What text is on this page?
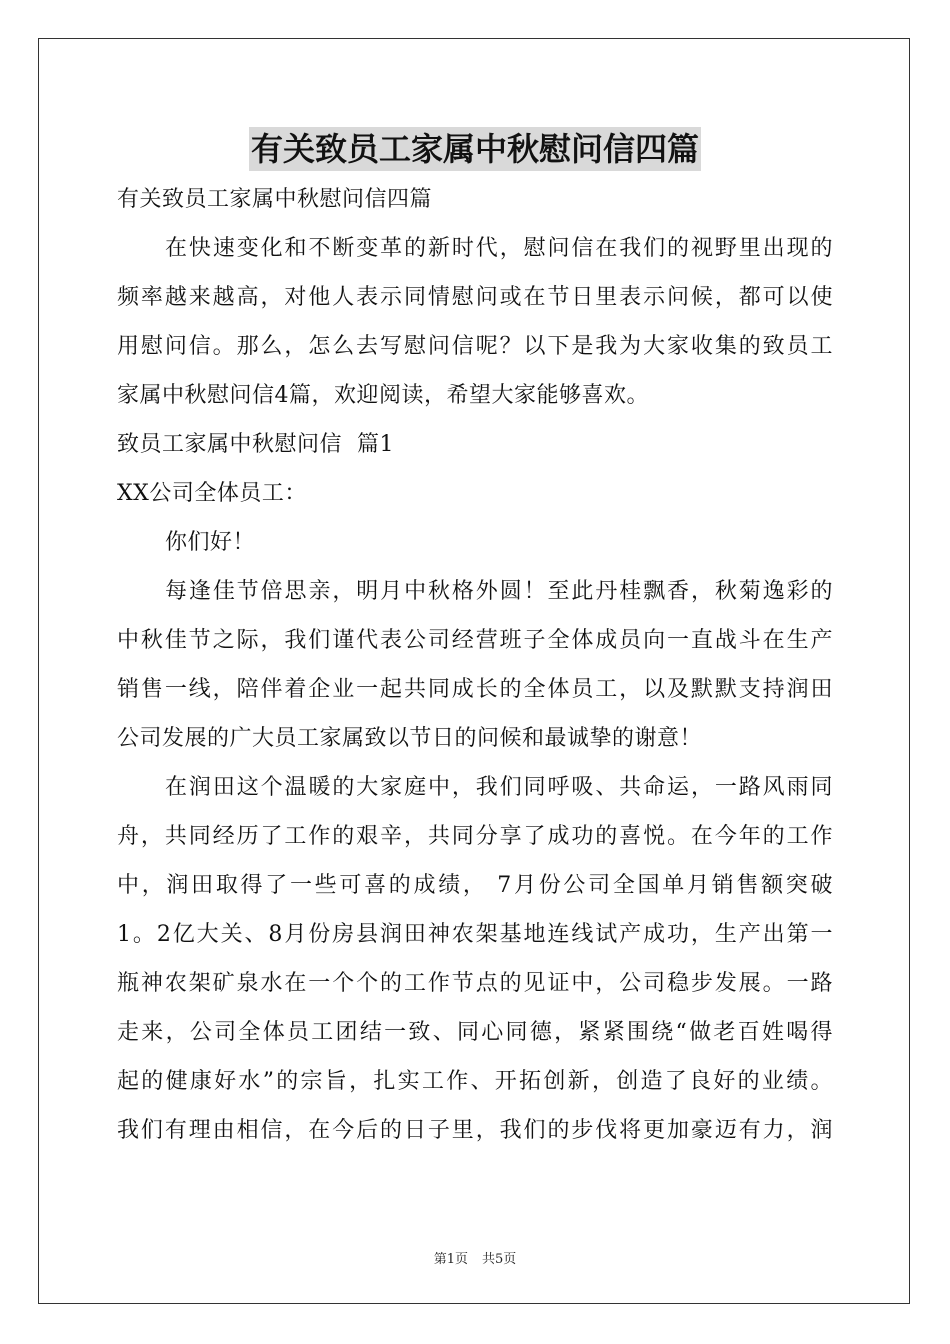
有关致员工家属中秋慰问信四篇
有关致员工家属中秋慰问信四篇
在快速变化和不断变革的新时代，慰问信在我们的视野里出现的
频率越来越高，对他人表示同情慰问或在节日里表示问候，都可以使
用慰问信。那么，怎么去写慰问信呢？以下是我为大家收集的致员工
家属中秋慰问信4篇，欢迎阅读，希望大家能够喜欢。
致员工家属中秋慰问信  篇1
XX公司全体员工：
你们好！
每逢佳节倍思亲，明月中秋格外圆！至此丹桂飘香，秋菊逸彩的
中秋佳节之际，我们谨代表公司经营班子全体成员向一直战斗在生产
销售一线，陪伴着企业一起共同成长的全体员工，以及默默支持润田
公司发展的广大员工家属致以节日的问候和最诚挚的谢意！
在润田这个温暖的大家庭中，我们同呼吸、共命运，一路风雨同
舟，共同经历了工作的艰辛，共同分享了成功的喜悦。在今年的工作
中，润田取得了一些可喜的成绩， 7月份公司全国单月销售额突破
1。2亿大关、8月份房县润田神农架基地连线试产成功，生产出第一
瓶神农架矿泉水在一个个的工作节点的见证中，公司稳步发展。一路
走来，公司全体员工团结一致、同心同德，紧紧围绕“做老百姓喝得
起的健康好水”的宗旨，扎实工作、开拓创新，创造了良好的业绩。
我们有理由相信，在今后的日子里，我们的步伐将更加豪迈有力，润
第1页 共5页
